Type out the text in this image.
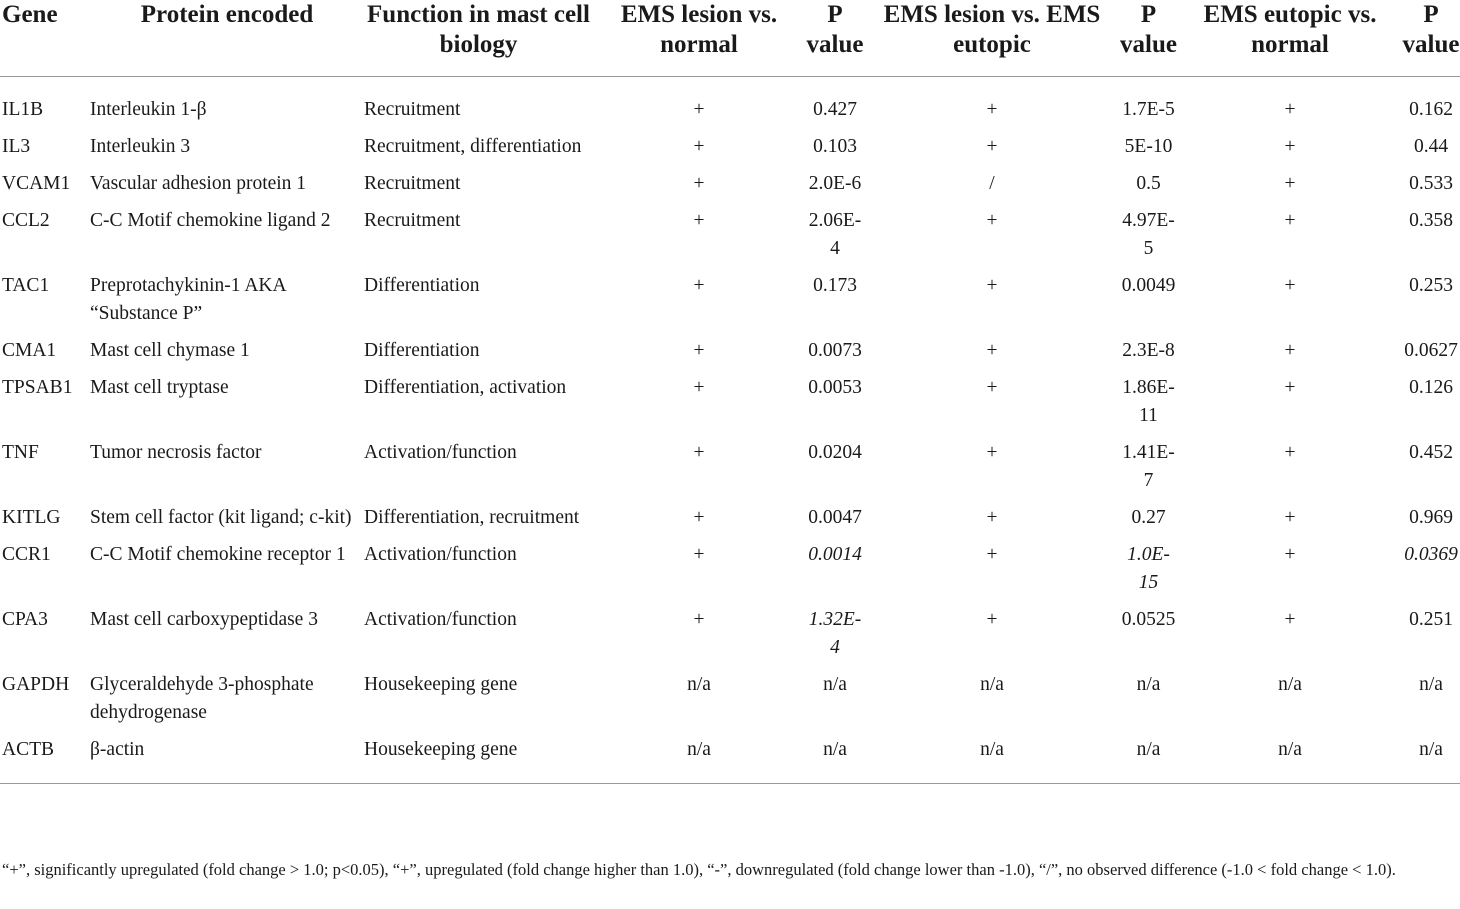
Gene	Protein encoded	Function in mast cell biology	EMS lesion vs. normal	P value	EMS lesion vs. EMS eutopic	P value	EMS eutopic vs. normal	P value
IL1B	Interleukin 1-β	Recruitment	+	0.427	+	1.7E-5	+	0.162
IL3	Interleukin 3	Recruitment, differentiation	+	0.103	+	5E-10	+	0.44
VCAM1	Vascular adhesion protein 1	Recruitment	+	2.0E-6	/	0.5	+	0.533
CCL2	C-C Motif chemokine ligand 2	Recruitment	+	2.06E-4	+	4.97E-5	+	0.358
TAC1	Preprotachykinin-1 AKA “Substance P”	Differentiation	+	0.173	+	0.0049	+	0.253
CMA1	Mast cell chymase 1	Differentiation	+	0.0073	+	2.3E-8	+	0.0627
TPSAB1	Mast cell tryptase	Differentiation, activation	+	0.0053	+	1.86E-11	+	0.126
TNF	Tumor necrosis factor	Activation/function	+	0.0204	+	1.41E-7	+	0.452
KITLG	Stem cell factor (kit ligand; c-kit)	Differentiation, recruitment	+	0.0047	+	0.27	+	0.969
CCR1	C-C Motif chemokine receptor 1	Activation/function	+	0.0014	+	1.0E-15	+	0.0369
CPA3	Mast cell carboxypeptidase 3	Activation/function	+	1.32E-4	+	0.0525	+	0.251
GAPDH	Glyceraldehyde 3-phosphate dehydrogenase	Housekeeping gene	n/a	n/a	n/a	n/a	n/a	n/a
ACTB	β-actin	Housekeeping gene	n/a	n/a	n/a	n/a	n/a	n/a
“+”, significantly upregulated (fold change > 1.0; p<0.05), “+”, upregulated (fold change higher than 1.0), “-”, downregulated (fold change lower than -1.0), “/”, no observed difference (-1.0 < fold change < 1.0).
